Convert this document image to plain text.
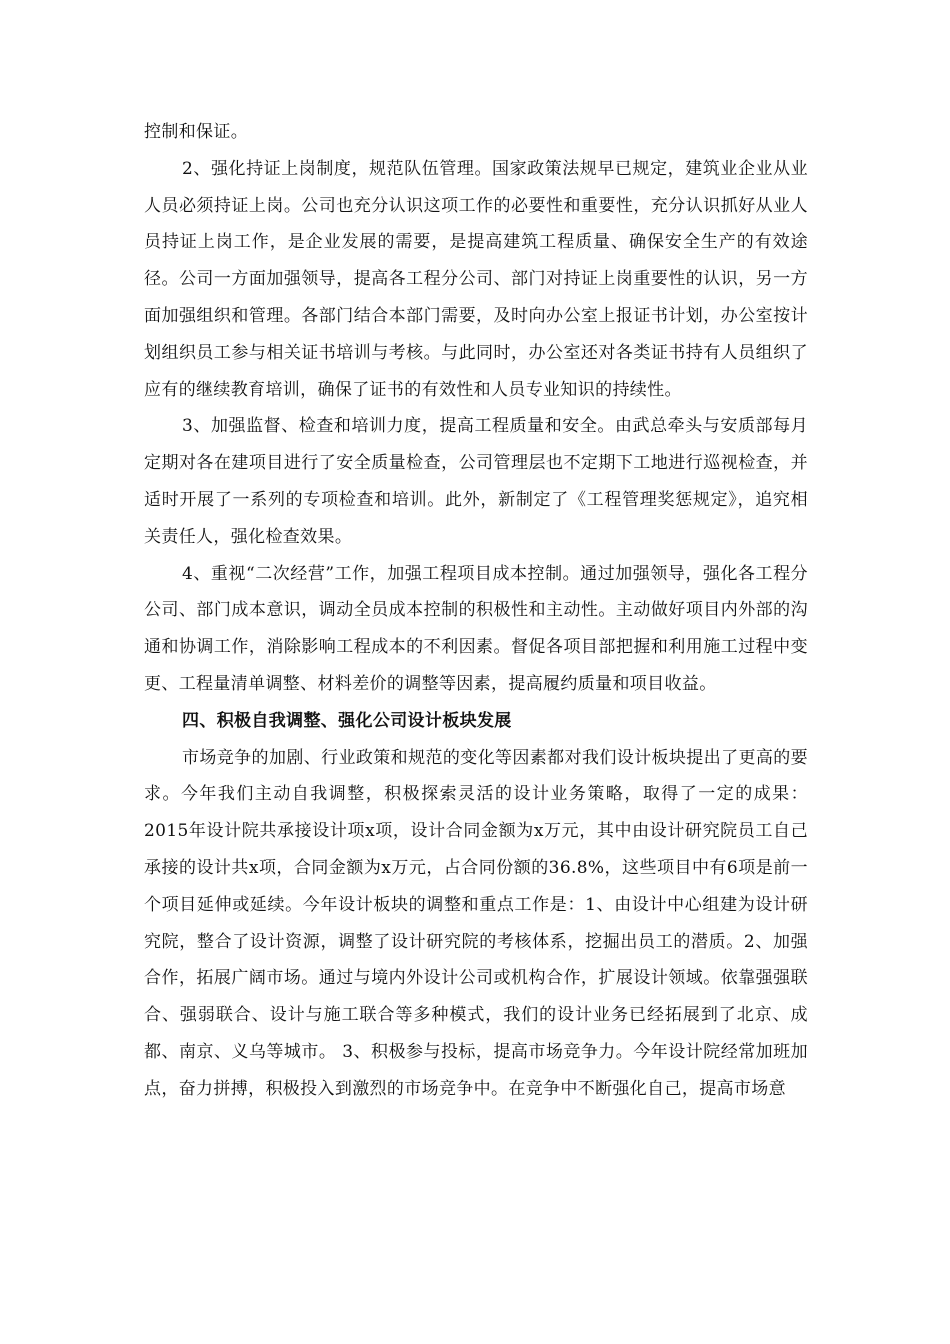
控制和保证。

2、强化持证上岗制度，规范队伍管理。国家政策法规早已规定，建筑业企业从业人员必须持证上岗。公司也充分认识这项工作的必要性和重要性，充分认识抓好从业人员持证上岗工作，是企业发展的需要，是提高建筑工程质量、确保安全生产的有效途径。公司一方面加强领导，提高各工程分公司、部门对持证上岗重要性的认识，另一方面加强组织和管理。各部门结合本部门需要，及时向办公室上报证书计划，办公室按计划组织员工参与相关证书培训与考核。与此同时，办公室还对各类证书持有人员组织了应有的继续教育培训，确保了证书的有效性和人员专业知识的持续性。

3、加强监督、检查和培训力度，提高工程质量和安全。由武总牵头与安质部每月定期对各在建项目进行了安全质量检查，公司管理层也不定期下工地进行巡视检查，并适时开展了一系列的专项检查和培训。此外，新制定了《工程管理奖惩规定》，追究相关责任人，强化检查效果。

4、重视“二次经营”工作，加强工程项目成本控制。通过加强领导，强化各工程分公司、部门成本意识，调动全员成本控制的积极性和主动性。主动做好项目内外部的沟通和协调工作，消除影响工程成本的不利因素。督促各项目部把握和利用施工过程中变更、工程量清单调整、材料差价的调整等因素，提高履约质量和项目收益。

四、积极自我调整、强化公司设计板块发展

市场竞争的加剧、行业政策和规范的变化等因素都对我们设计板块提出了更高的要求。今年我们主动自我调整，积极探索灵活的设计业务策略，取得了一定的成果：2015年设计院共承接设计项x项，设计合同金额为x万元，其中由设计研究院员工自己承接的设计共x项，合同金额为x万元，占合同份额的36.8%，这些项目中有6项是前一个项目延伸或延续。今年设计板块的调整和重点工作是：1、由设计中心组建为设计研究院，整合了设计资源，调整了设计研究院的考核体系，挖掘出员工的潜质。2、加强合作，拓展广阔市场。通过与境内外设计公司或机构合作，扩展设计领域。依靠强强联合、强弱联合、设计与施工联合等多种模式，我们的设计业务已经拓展到了北京、成都、南京、义乌等城市。 3、积极参与投标，提高市场竞争力。今年设计院经常加班加点，奋力拼搏，积极投入到激烈的市场竞争中。在竞争中不断强化自己，提高市场意
